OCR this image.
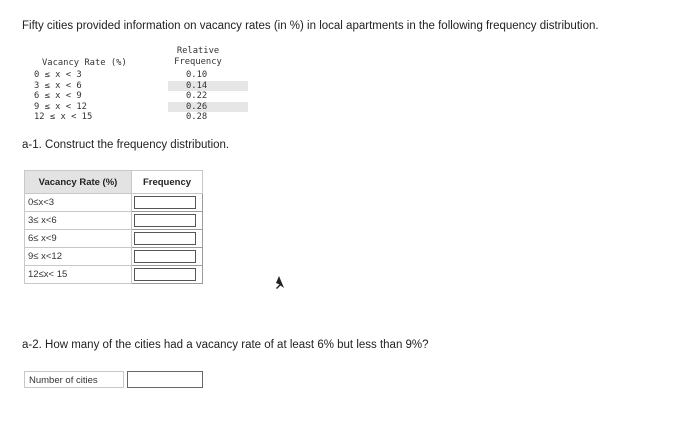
Fifty cities provided information on vacancy rates (in %) in local apartments in the following frequency distribution.
Vacancy Rate (%)
Relative
Frequency
0 ≤ x < 3	0.10
3 ≤ x < 6	0.14
6 ≤ x < 9	0.22
9 ≤ x < 12	0.26
12 ≤ x < 15	0.28
a-1. Construct the frequency distribution.
Vacancy Rate (%)	Frequency
0≤x<3	

3≤ x<6	

6≤ x<9	

9≤ x<12	

12≤x< 15	
a-2. How many of the cities had a vacancy rate of at least 6% but less than 9%?
Number of cities
